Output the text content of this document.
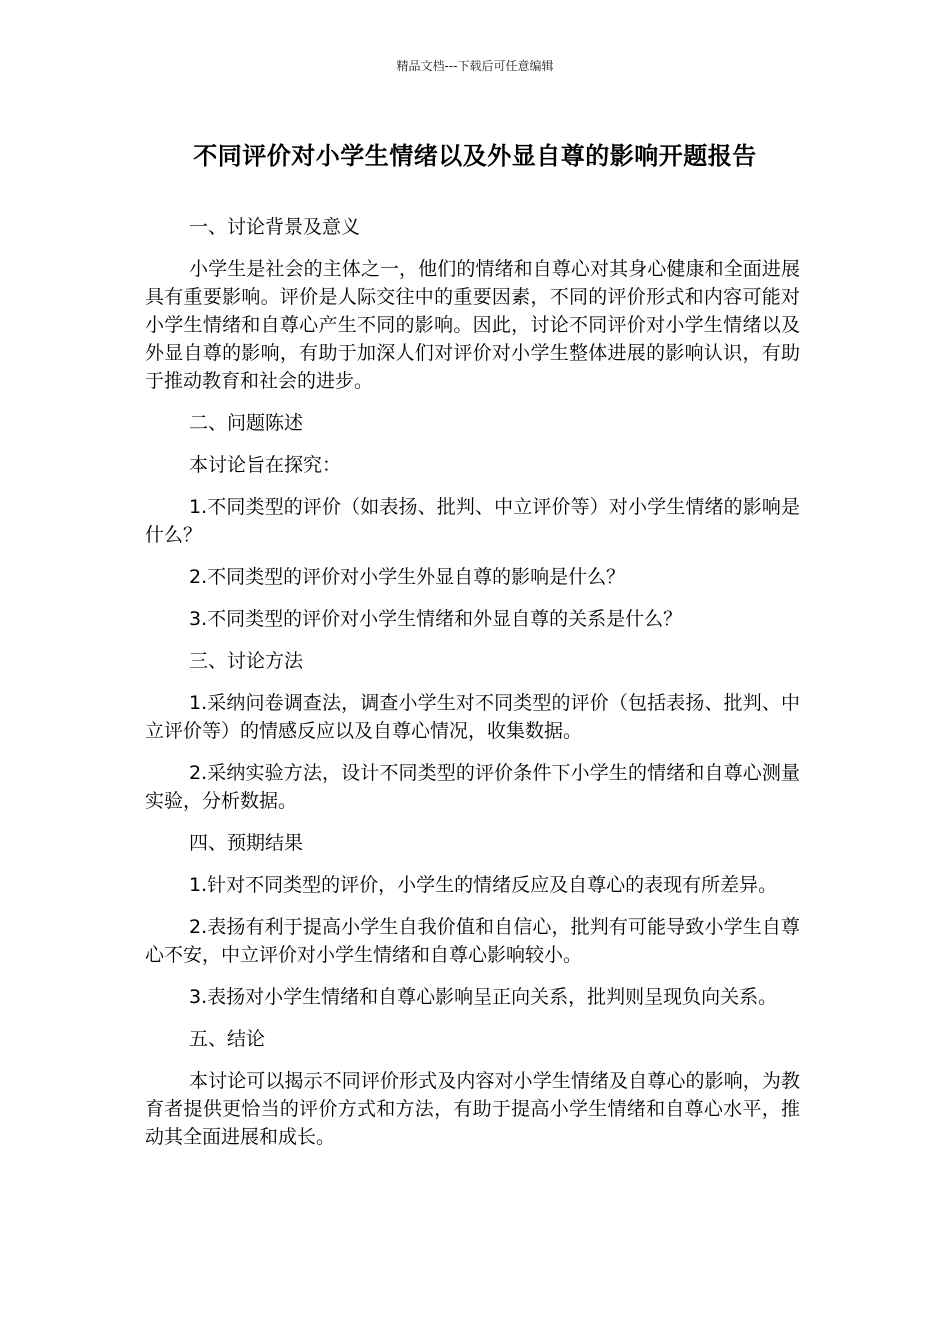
精品文档---下载后可任意编辑
不同评价对小学生情绪以及外显自尊的影响开题报告

一、讨论背景及意义

小学生是社会的主体之一，他们的情绪和自尊心对其身心健康和全面进展具有重要影响。评价是人际交往中的重要因素，不同的评价形式和内容可能对小学生情绪和自尊心产生不同的影响。因此，讨论不同评价对小学生情绪以及外显自尊的影响，有助于加深人们对评价对小学生整体进展的影响认识，有助于推动教育和社会的进步。

二、问题陈述

本讨论旨在探究：

1.不同类型的评价（如表扬、批判、中立评价等）对小学生情绪的影响是什么？

2.不同类型的评价对小学生外显自尊的影响是什么？

3.不同类型的评价对小学生情绪和外显自尊的关系是什么？

三、讨论方法

1.采纳问卷调查法，调查小学生对不同类型的评价（包括表扬、批判、中立评价等）的情感反应以及自尊心情况，收集数据。

2.采纳实验方法，设计不同类型的评价条件下小学生的情绪和自尊心测量实验，分析数据。

四、预期结果

1.针对不同类型的评价，小学生的情绪反应及自尊心的表现有所差异。

2.表扬有利于提高小学生自我价值和自信心，批判有可能导致小学生自尊心不安，中立评价对小学生情绪和自尊心影响较小。

3.表扬对小学生情绪和自尊心影响呈正向关系，批判则呈现负向关系。

五、结论

本讨论可以揭示不同评价形式及内容对小学生情绪及自尊心的影响，为教育者提供更恰当的评价方式和方法，有助于提高小学生情绪和自尊心水平，推动其全面进展和成长。
